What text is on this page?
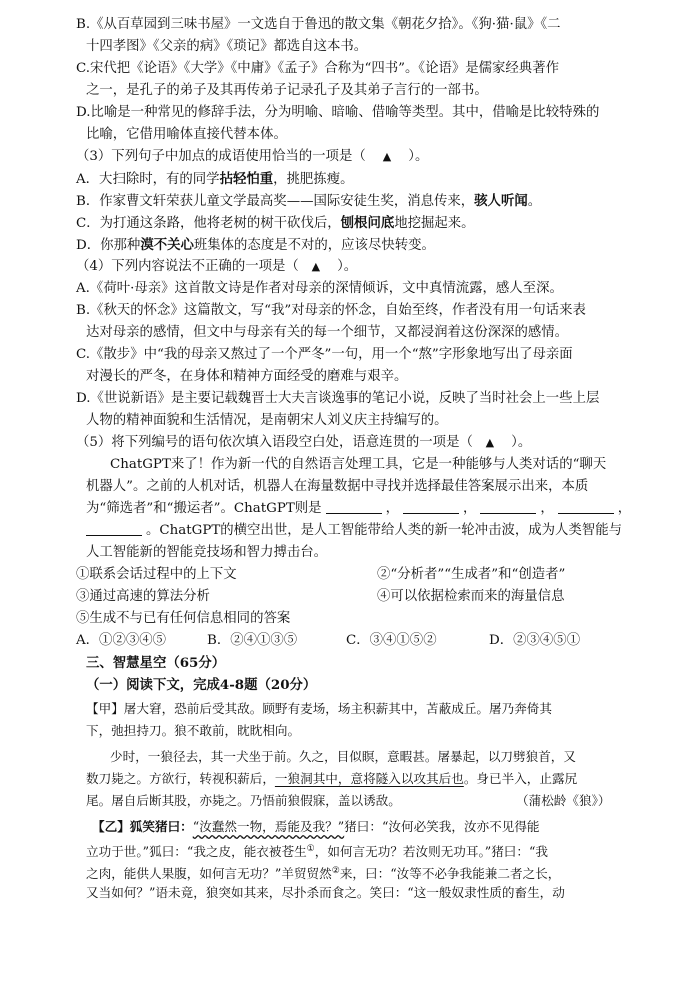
B.《从百草园到三味书屋》一文选自于鲁迅的散文集《朝花夕拾》。《狗·猫·鼠》《二
十四孝图》《父亲的病》《琐记》都选自这本书。
C.宋代把《论语》《大学》《中庸》《孟子》合称为“四书”。《论语》是儒家经典著作
之一，是孔子的弟子及其再传弟子记录孔子及其弟子言行的一部书。
D.比喻是一种常见的修辞手法，分为明喻、暗喻、借喻等类型。其中，借喻是比较特殊的
比喻，它借用喻体直接代替本体。
（3）下列句子中加点的成语使用恰当的一项是（ ▲ ）。
A．大扫除时，有的同学拈轻怕重，挑肥拣瘦。
B．作家曹文轩荣获儿童文学最高奖——国际安徒生奖，消息传来，骇人听闻。
C．为打通这条路，他将老树的树干砍伐后，刨根问底地挖掘起来。
D．你那种漠不关心班集体的态度是不对的，应该尽快转变。
（4）下列内容说法不正确的一项是（ ▲ ）。
A.《荷叶·母亲》这首散文诗是作者对母亲的深情倾诉，文中真情流露，感人至深。
B.《秋天的怀念》这篇散文，写“我”对母亲的怀念，自始至终，作者没有用一句话来表
达对母亲的感情，但文中与母亲有关的每一个细节，又都浸润着这份深深的感情。
C.《散步》中“我的母亲又熬过了一个严冬”一句，用一个“熬”字形象地写出了母亲面
对漫长的严冬，在身体和精神方面经受的磨难与艰辛。
D.《世说新语》是主要记载魏晋士大夫言谈逸事的笔记小说，反映了当时社会上一些上层
人物的精神面貌和生活情况，是南朝宋人刘义庆主持编写的。
（5）将下列编号的语句依次填入语段空白处，语意连贯的一项是（ ▲ ）。
ChatGPT来了！作为新一代的自然语言处理工具，它是一种能够与人类对话的“聊天
机器人”。之前的人机对话，机器人在海量数据中寻找并选择最佳答案展示出来，本质
为“筛选者”和“搬运者”。ChatGPT则是	，	，	，	，
。ChatGPT的横空出世，是人工智能带给人类的新一轮冲击波，成为人类智能与
人工智能新的智能竞技场和智力搏击台。
①联系会话过程中的上下文	②“分析者”“生成者”和“创造者”
③通过高速的算法分析	④可以依据检索而来的海量信息
⑤生成不与已有任何信息相同的答案
A．①②③④⑤	B．②④①③⑤	C．③④①⑤②	D．②③④⑤①
三、智慧星空（65分）
（一）阅读下文，完成4-8题（20分）
【甲】屠大窘，恐前后受其敌。顾野有麦场，场主积薪其中，苫蔽成丘。屠乃奔倚其
下，弛担持刀。狼不敢前，眈眈相向。
少时，一狼径去，其一犬坐于前。久之，目似瞑，意暇甚。屠暴起，以刀劈狼首，又
数刀毙之。方欲行，转视积薪后，一狼洞其中，意将隧入以攻其后也。身已半入，止露尻
尾。屠自后断其股，亦毙之。乃悟前狼假寐，盖以诱敌。	（蒲松龄《狼》）
【乙】狐笑猪曰：“汝蠢然一物，焉能及我？”猪曰：“汝何必笑我，汝亦不见得能
立功于世。”狐曰：“我之皮，能衣被苍生①，如何言无功？若汝则无功耳。”猪曰：“我
之肉，能供人果腹，如何言无功？”羊贸贸然②来，曰：“汝等不必争我能兼二者之长，
又当如何？”语未竟，狼突如其来，尽扑杀而食之。笑曰：“这一般奴隶性质的畜生，动
